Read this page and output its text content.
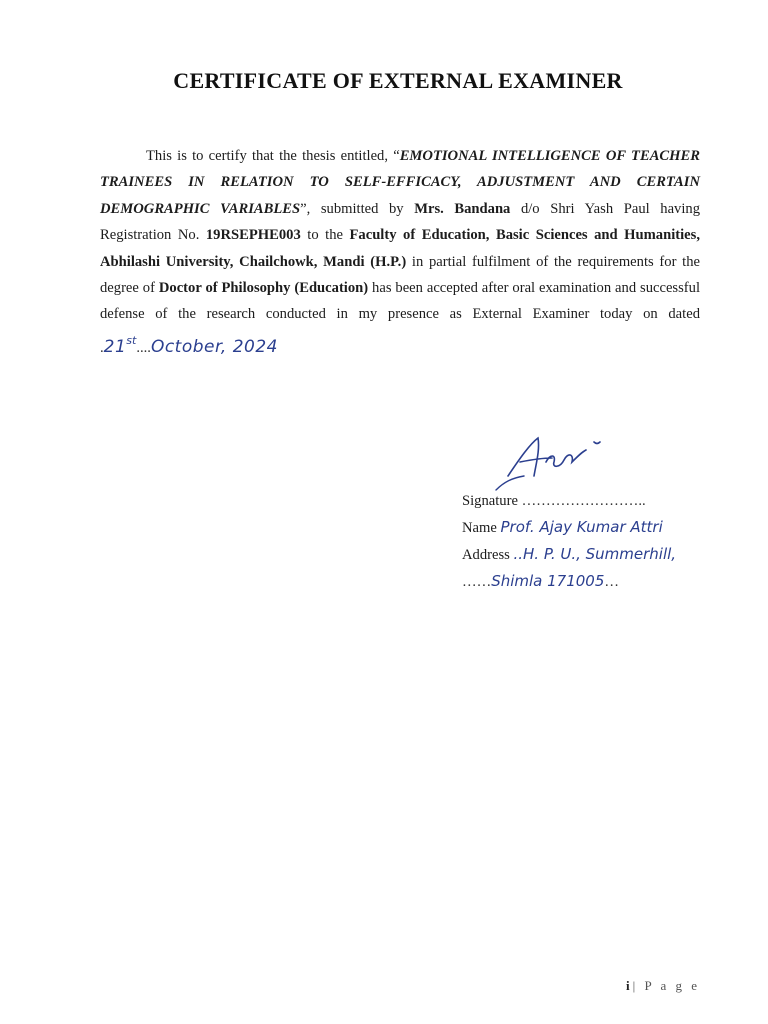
CERTIFICATE OF EXTERNAL EXAMINER
This is to certify that the thesis entitled, “EMOTIONAL INTELLIGENCE OF TEACHER TRAINEES IN RELATION TO SELF-EFFICACY, ADJUSTMENT AND CERTAIN DEMOGRAPHIC VARIABLES”, submitted by Mrs. Bandana d/o Shri Yash Paul having Registration No. 19RSEPHE003 to the Faculty of Education, Basic Sciences and Humanities, Abhilashi University, Chailchowk, Mandi (H.P.) in partial fulfilment of the requirements for the degree of Doctor of Philosophy (Education) has been accepted after oral examination and successful defense of the research conducted in my presence as External Examiner today on dated .21st....October, 2024
Signature ……………………..
Name Prof. Ajay Kumar Attri
Address ..H. P. U., Summerhill,
……Shimla 171005…
i| P a g e
